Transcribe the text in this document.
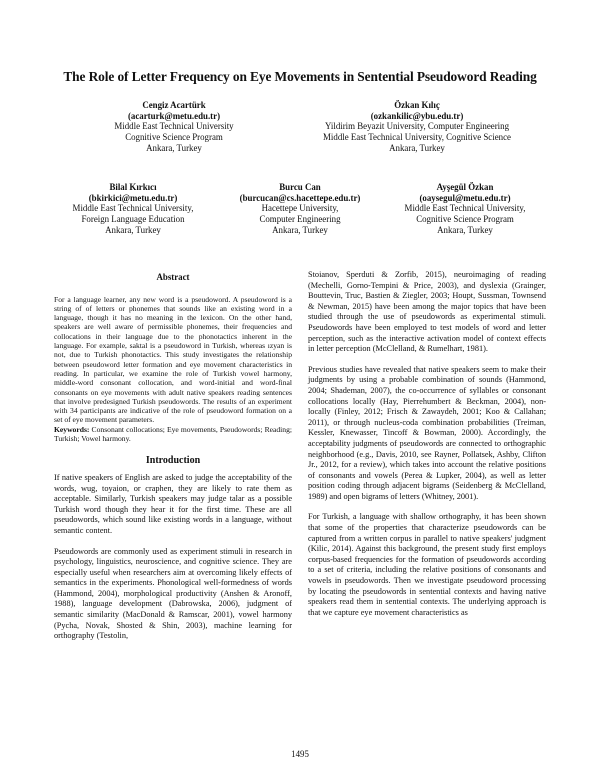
The Role of Letter Frequency on Eye Movements in Sentential Pseudoword Reading
Cengiz Acartürk
(acarturk@metu.edu.tr)
Middle East Technical University
Cognitive Science Program
Ankara, Turkey
Özkan Kılıç
(ozkankilic@ybu.edu.tr)
Yildirim Beyazit University, Computer Engineering
Middle East Technical University, Cognitive Science
Ankara, Turkey
Bilal Kırkıcı
(bkirkici@metu.edu.tr)
Middle East Technical University,
Foreign Language Education
Ankara, Turkey
Burcu Can
(burcucan@cs.hacettepe.edu.tr)
Hacettepe University,
Computer Engineering
Ankara, Turkey
Ayşegül Özkan
(oaysegul@metu.edu.tr)
Middle East Technical University,
Cognitive Science Program
Ankara, Turkey
Abstract

For a language learner, any new word is a pseudoword. A pseudoword is a string of of letters or phonemes that sounds like an existing word in a language, though it has no meaning in the lexicon. On the other hand, speakers are well aware of permissible phonemes, their frequencies and collocations in their language due to the phonotactics inherent in the language. For example, saktal is a pseudoword in Turkish, whereas ızyan is not, due to Turkish phonotactics. This study investigates the relationship between pseudoword letter formation and eye movement characteristics in reading. In particular, we examine the role of Turkish vowel harmony, middle-word consonant collocation, and word-initial and word-final consonants on eye movements with adult native speakers reading sentences that involve predesigned Turkish pseudowords. The results of an experiment with 34 participants are indicative of the role of pseudoword formation on a set of eye movement parameters.

Keywords: Consonant collocations; Eye movements, Pseudowords; Reading; Turkish; Vowel harmony.

Introduction

If native speakers of English are asked to judge the acceptability of the words, wug, toyaion, or craphen, they are likely to rate them as acceptable. Similarly, Turkish speakers may judge talar as a possible Turkish word though they hear it for the first time. These are all pseudowords, which sound like existing words in a language, without semantic content.

Pseudowords are commonly used as experiment stimuli in research in psychology, linguistics, neuroscience, and cognitive science. They are especially useful when researchers aim at overcoming likely effects of semantics in the experiments. Phonological well-formedness of words (Hammond, 2004), morphological productivity (Anshen & Aronoff, 1988), language development (Dabrowska, 2006), judgment of semantic similarity (MacDonald & Ramscar, 2001), vowel harmony (Pycha, Novak, Shosted & Shin, 2003), machine learning for orthography (Testolin,

Stoianov, Sperduti & Zorfib, 2015), neuroimaging of reading (Mechelli, Gorno-Tempini & Price, 2003), and dyslexia (Grainger, Bouttevin, Truc, Bastien & Ziegler, 2003; Houpt, Sussman, Townsend & Newman, 2015) have been among the major topics that have been studied through the use of pseudowords as experimental stimuli. Pseudowords have been employed to test models of word and letter perception, such as the interactive activation model of context effects in letter perception (McClelland, & Rumelhart, 1981).

Previous studies have revealed that native speakers seem to make their judgments by using a probable combination of sounds (Hammond, 2004; Shademan, 2007), the co-occurrence of syllables or consonant collocations locally (Hay, Pierrehumbert & Beckman, 2004), non-locally (Finley, 2012; Frisch & Zawaydeh, 2001; Koo & Callahan; 2011), or through nucleus-coda combination probabilities (Treiman, Kessler, Knewasser, Tincoff & Bowman, 2000). Accordingly, the acceptability judgments of pseudowords are connected to orthographic neighborhood (e.g., Davis, 2010, see Rayner, Pollatsek, Ashby, Clifton Jr., 2012, for a review), which takes into account the relative positions of consonants and vowels (Perea & Lupker, 2004), as well as letter position coding through adjacent bigrams (Seidenberg & McClelland, 1989) and open bigrams of letters (Whitney, 2001).

For Turkish, a language with shallow orthography, it has been shown that some of the properties that characterize pseudowords can be captured from a written corpus in parallel to native speakers' judgment (Kilic, 2014). Against this background, the present study first employs corpus-based frequencies for the formation of pseudowords according to a set of criteria, including the relative positions of consonants and vowels in pseudowords. Then we investigate pseudoword processing by locating the pseudowords in sentential contexts and having native speakers read them in sentential contexts. The underlying approach is that we capture eye movement characteristics as

1495
